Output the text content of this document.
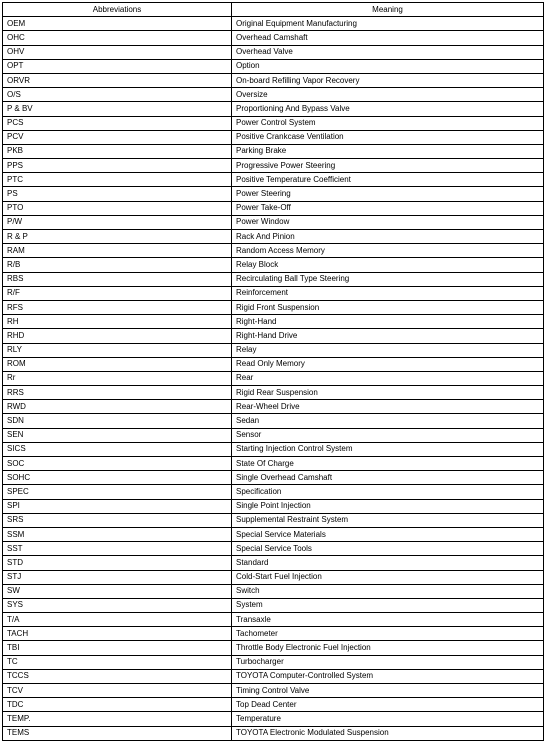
Abbreviations	Meaning
OEM	Original Equipment Manufacturing
OHC	Overhead Camshaft
OHV	Overhead Valve
OPT	Option
ORVR	On-board Refilling Vapor Recovery
O/S	Oversize
P & BV	Proportioning And Bypass Valve
PCS	Power Control System
PCV	Positive Crankcase Ventilation
PKB	Parking Brake
PPS	Progressive Power Steering
PTC	Positive Temperature Coefficient
PS	Power Steering
PTO	Power Take-Off
P/W	Power Window
R & P	Rack And Pinion
RAM	Random Access Memory
R/B	Relay Block
RBS	Recirculating Ball Type Steering
R/F	Reinforcement
RFS	Rigid Front Suspension
RH	Right-Hand
RHD	Right-Hand Drive
RLY	Relay
ROM	Read Only Memory
Rr	Rear
RRS	Rigid Rear Suspension
RWD	Rear-Wheel Drive
SDN	Sedan
SEN	Sensor
SICS	Starting Injection Control System
SOC	State Of Charge
SOHC	Single Overhead Camshaft
SPEC	Specification
SPI	Single Point Injection
SRS	Supplemental Restraint System
SSM	Special Service Materials
SST	Special Service Tools
STD	Standard
STJ	Cold-Start Fuel Injection
SW	Switch
SYS	System
T/A	Transaxle
TACH	Tachometer
TBI	Throttle Body Electronic Fuel Injection
TC	Turbocharger
TCCS	TOYOTA Computer-Controlled System
TCV	Timing Control Valve
TDC	Top Dead Center
TEMP.	Temperature
TEMS	TOYOTA Electronic Modulated Suspension
